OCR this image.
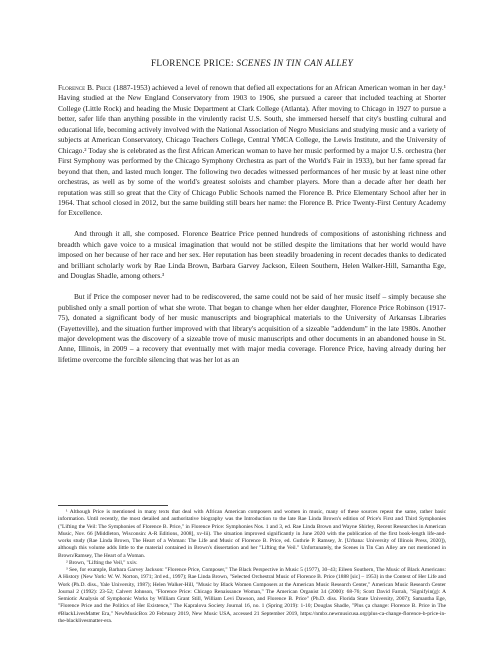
FLORENCE PRICE: SCENES IN TIN CAN ALLEY

Florence B. Price (1887-1953) achieved a level of renown that defied all expectations for an African American woman in her day.¹ Having studied at the New England Conservatory from 1903 to 1906, she pursued a career that included teaching at Shorter College (Little Rock) and heading the Music Department at Clark College (Atlanta). After moving to Chicago in 1927 to pursue a better, safer life than anything possible in the virulently racist U.S. South, she immersed herself that city's bustling cultural and educational life, becoming actively involved with the National Association of Negro Musicians and studying music and a variety of subjects at American Conservatory, Chicago Teachers College, Central YMCA College, the Lewis Institute, and the University of Chicago.² Today she is celebrated as the first African American woman to have her music performed by a major U.S. orchestra (her First Symphony was performed by the Chicago Symphony Orchestra as part of the World's Fair in 1933), but her fame spread far beyond that then, and lasted much longer. The following two decades witnessed performances of her music by at least nine other orchestras, as well as by some of the world's greatest soloists and chamber players. More than a decade after her death her reputation was still so great that the City of Chicago Public Schools named the Florence B. Price Elementary School after her in 1964. That school closed in 2012, but the same building still bears her name: the Florence B. Price Twenty-First Century Academy for Excellence.

And through it all, she composed. Florence Beatrice Price penned hundreds of compositions of astonishing richness and breadth which gave voice to a musical imagination that would not be stilled despite the limitations that her world would have imposed on her because of her race and her sex. Her reputation has been steadily broadening in recent decades thanks to dedicated and brilliant scholarly work by Rae Linda Brown, Barbara Garvey Jackson, Eileen Southern, Helen Walker-Hill, Samantha Ege, and Douglas Shadle, among others.³

But if Price the composer never had to be rediscovered, the same could not be said of her music itself – simply because she published only a small portion of what she wrote. That began to change when her elder daughter, Florence Price Robinson (1917-75), donated a significant body of her music manuscripts and biographical materials to the University of Arkansas Libraries (Fayetteville), and the situation further improved with that library's acquisition of a sizeable "addendum" in the late 1980s. Another major development was the discovery of a sizeable trove of music manuscripts and other documents in an abandoned house in St. Anne, Illinois, in 2009 – a recovery that eventually met with major media coverage. Florence Price, having already during her lifetime overcome the forcible silencing that was her lot as an

¹ Although Price is mentioned in many texts that deal with African American composers and women in music, many of these sources repeat the same, rather basic information. Until recently, the most detailed and authoritative biography was the Introduction to the late Rae Linda Brown's edition of Price's First and Third Symphonies ("Lifting the Veil: The Symphonies of Florence B. Price," in Florence Price: Symphonies Nos. 1 and 3, ed. Rae Linda Brown and Wayne Shirley, Recent Researches in American Music, Nov. 66 [Middleton, Wisconsin: A-R Editions, 2008], xv-lii). The situation improved significantly in June 2020 with the publication of the first book-length life-and-works study (Rae Linda Brown, The Heart of a Woman: The Life and Music of Florence B. Price, ed. Guthrie P. Ramsey, Jr. [Urbana: University of Illinois Press, 2020]), although this volume adds little to the material contained in Brown's dissertation and her "Lifting the Veil." Unfortunately, the Scenes in Tin Can Alley are not mentioned in Brown/Ramsey, The Heart of a Woman.

² Brown, "Lifting the Veil," xxiv.

³ See, for example, Barbara Garvey Jackson: "Florence Price, Composer," The Black Perspective in Music 5 (1977), 30–43; Eileen Southern, The Music of Black Americans: A History (New York: W. W. Norton, 1971; 3rd ed., 1997); Rae Linda Brown, "Selected Orchestral Music of Florence B. Price (1888 [sic] – 1953) in the Context of Her Life and Work (Ph.D. diss., Yale University, 1987); Helen Walker-Hill, "Music by Black Women Composers at the American Music Research Center," American Music Research Center Journal 2 (1992): 23-52; Calvert Johnson, "Florence Price: Chicago Renaissance Woman," The American Organist 34 (2000): 68-76; Scott David Farrah, "Signifyin(g): A Semiotic Analysis of Symphonic Works by William Grant Still, William Levi Dawson, and Florence B. Price" (Ph.D. diss. Florida State University, 2007); Samantha Ege, "Florence Price and the Politics of Her Existence," The Kapralova Society Journal 16, no. 1 (Spring 2019): 1-10; Douglas Shadle, "Plus ça change: Florence B. Price in The #BlackLivesMatter Era," NewMusicBox 20 February 2019, New Music USA, accessed 21 September 2019, https://nmbx.newmusicusa.org/plus-ca-change-florence-b-price-in-the-blacklivesmatter-era.
